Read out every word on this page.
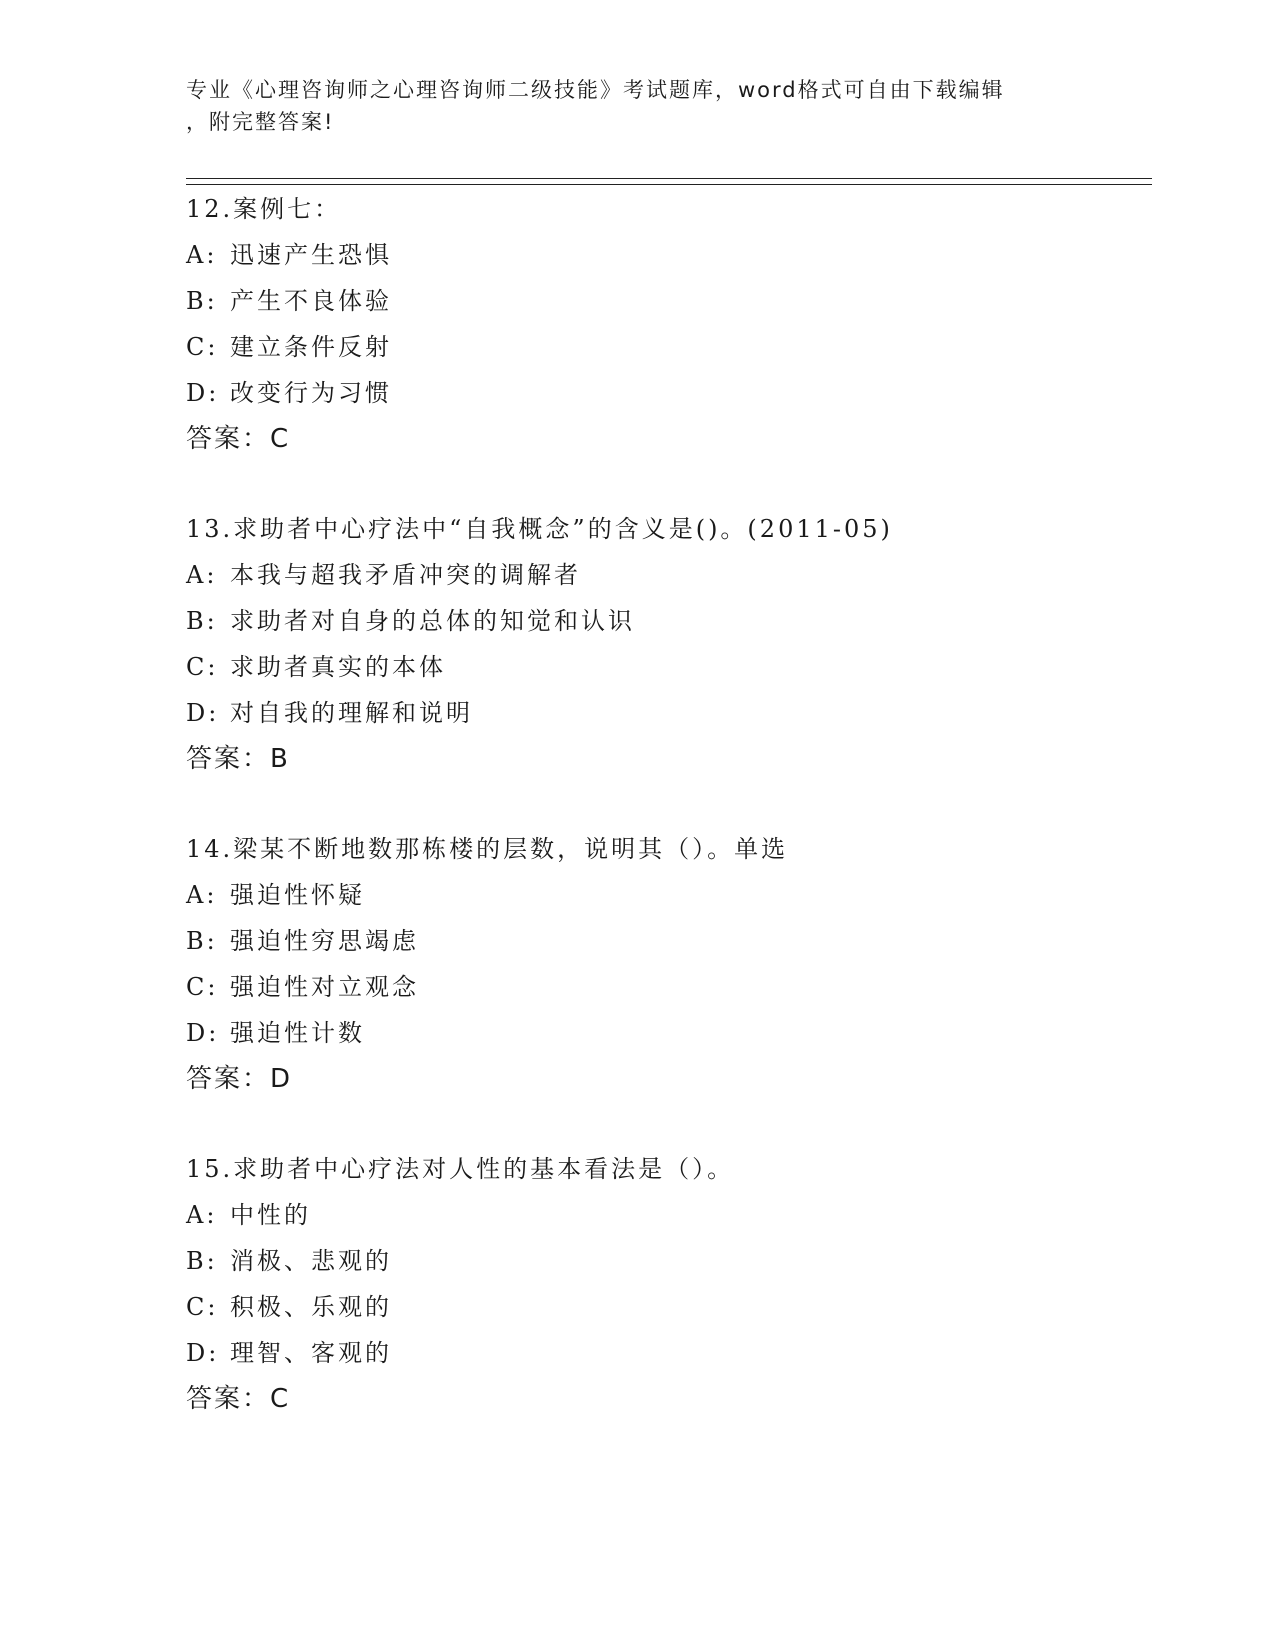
专业《心理咨询师之心理咨询师二级技能》考试题库，word格式可自由下载编辑
，附完整答案!
12.案例七：
A: 迅速产生恐惧
B: 产生不良体验
C: 建立条件反射
D: 改变行为习惯
答案：C
13.求助者中心疗法中“自我概念”的含义是()。(2011-05)
A: 本我与超我矛盾冲突的调解者
B: 求助者对自身的总体的知觉和认识
C: 求助者真实的本体
D: 对自我的理解和说明
答案：B
14.梁某不断地数那栋楼的层数，说明其（）。单选
A: 强迫性怀疑
B: 强迫性穷思竭虑
C: 强迫性对立观念
D: 强迫性计数
答案：D
15.求助者中心疗法对人性的基本看法是（）。
A: 中性的
B: 消极、悲观的
C: 积极、乐观的
D: 理智、客观的
答案：C
